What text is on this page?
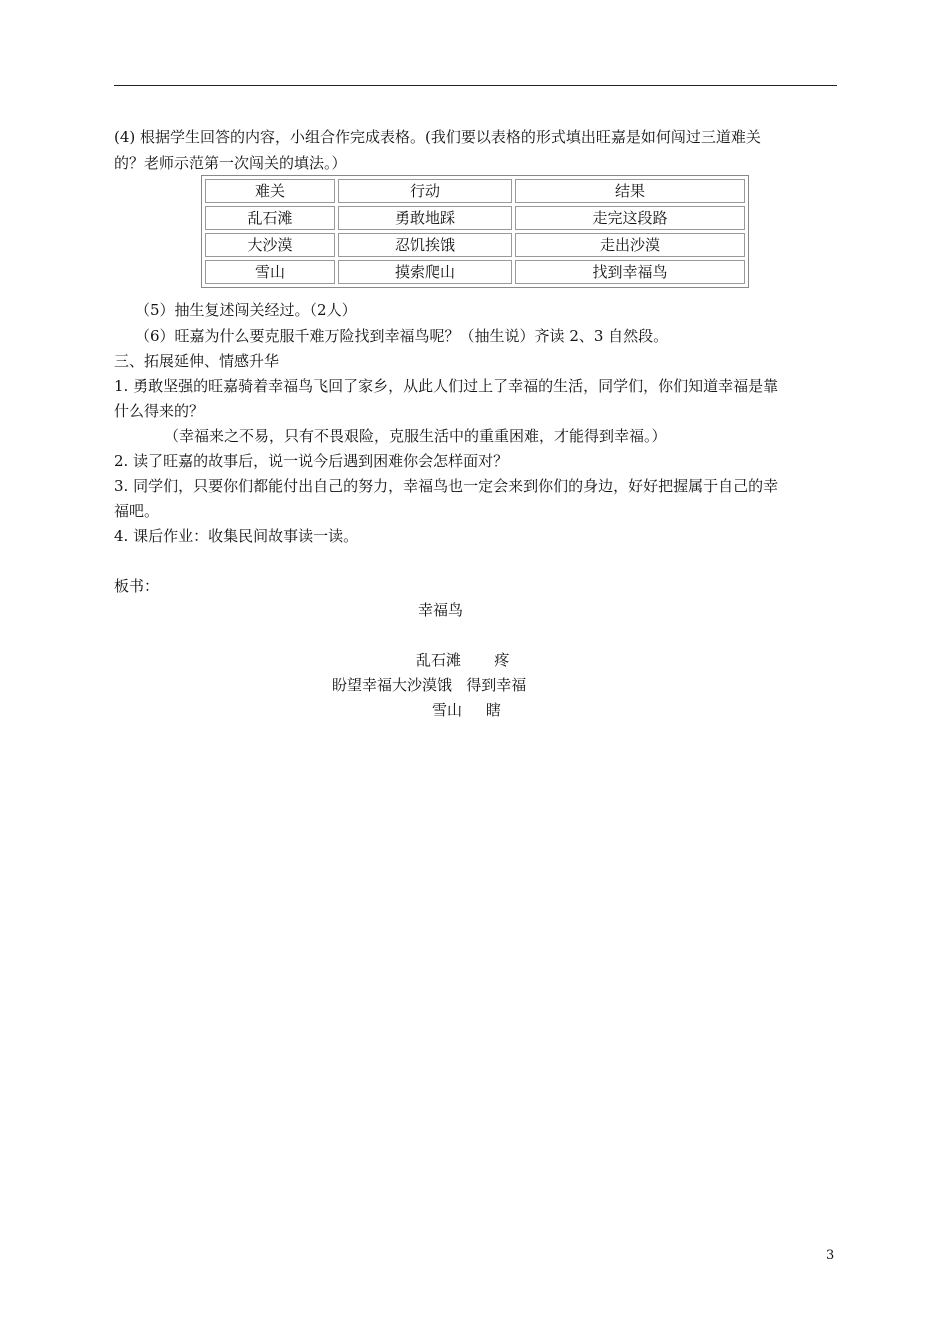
(4) 根据学生回答的内容，小组合作完成表格。(我们要以表格的形式填出旺嘉是如何闯过三道难关

的？老师示范第一次闯关的填法。）

难关	行动	结果
乱石滩	勇敢地踩	走完这段路
大沙漠	忍饥挨饿	走出沙漠
雪山	摸索爬山	找到幸福鸟

（5）抽生复述闯关经过。（2人）

（6）旺嘉为什么要克服千难万险找到幸福鸟呢？（抽生说）齐读 2、3 自然段。

三、拓展延伸、情感升华

1. 勇敢坚强的旺嘉骑着幸福鸟飞回了家乡，从此人们过上了幸福的生活，同学们，你们知道幸福是靠

什么得来的？

（幸福来之不易，只有不畏艰险，克服生活中的重重困难，才能得到幸福。）

2. 读了旺嘉的故事后，说一说今后遇到困难你会怎样面对？

3. 同学们，只要你们都能付出自己的努力，幸福鸟也一定会来到你们的身边，好好把握属于自己的幸

福吧。

4. 课后作业：收集民间故事读一读。

板书：

幸福鸟
乱石滩       疼
盼望幸福大沙漠饿   得到幸福
雪山     瞎
3
